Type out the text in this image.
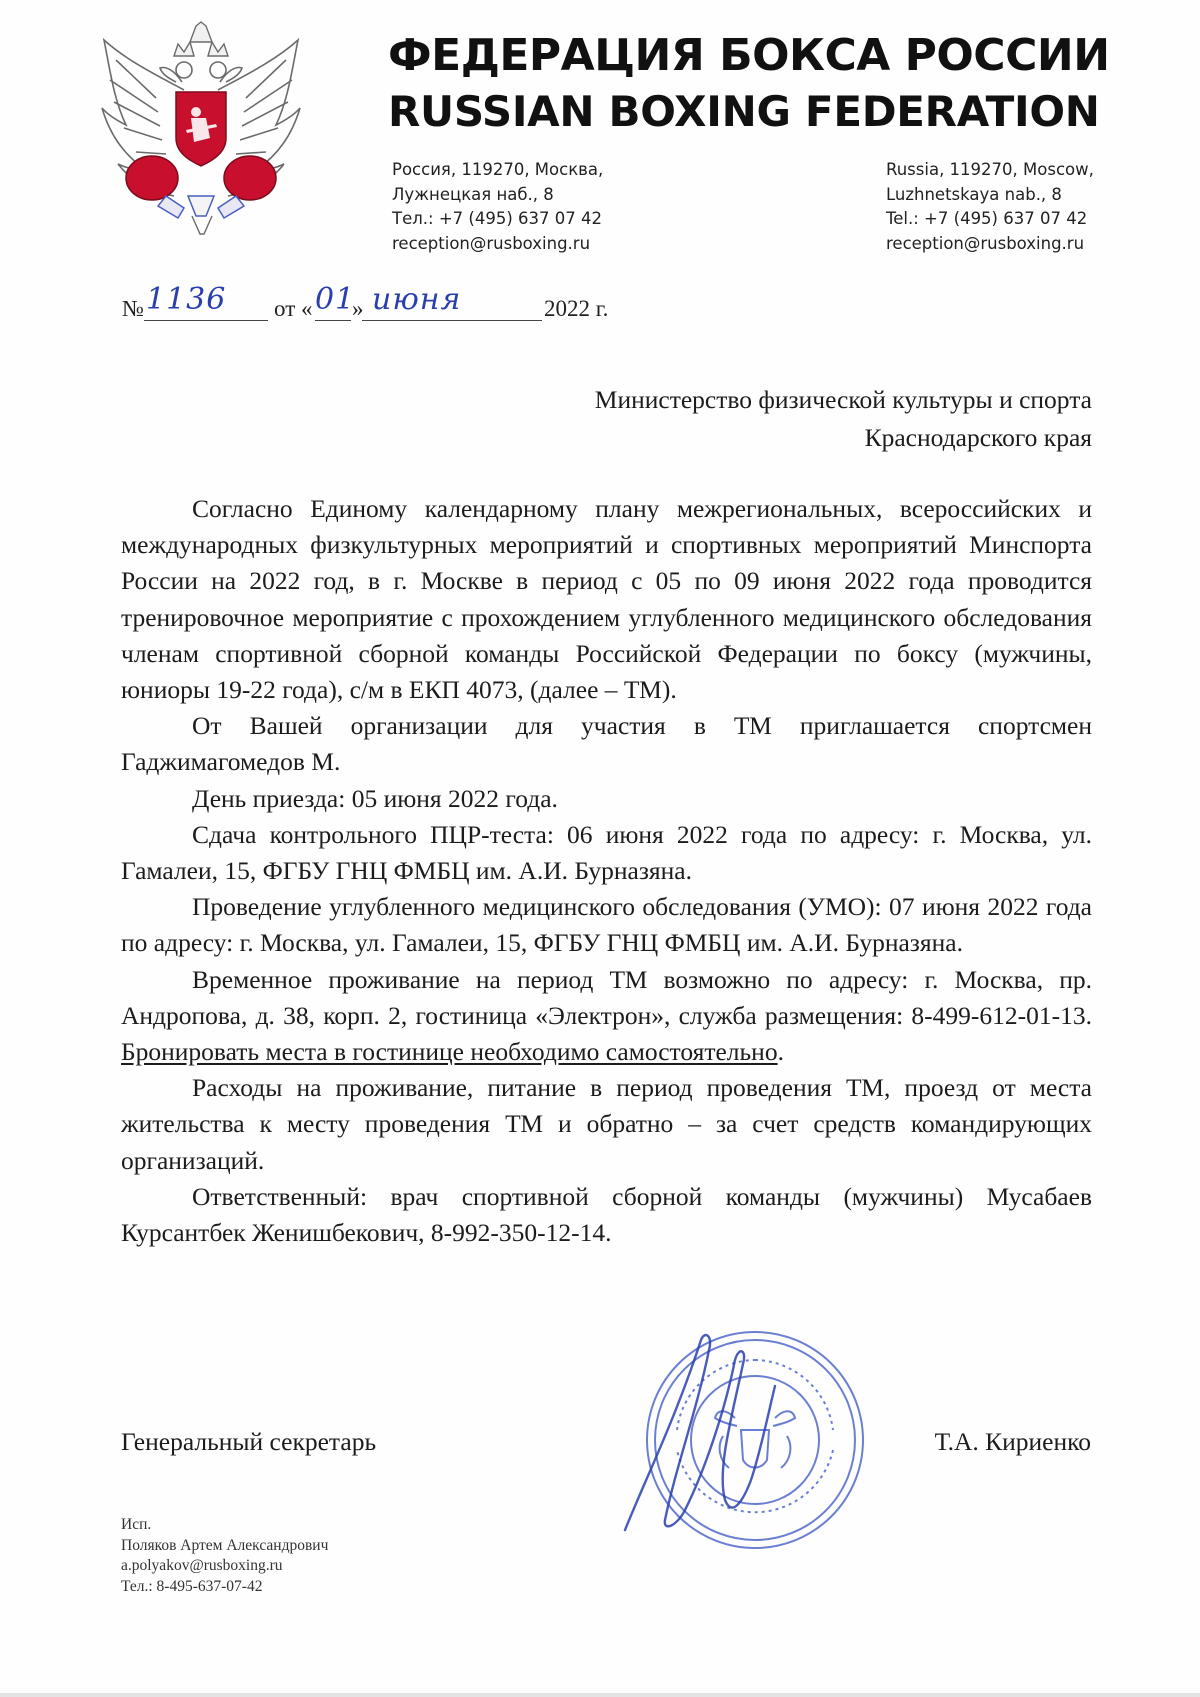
ФЕДЕРАЦИЯ БОКСА РОССИИ
RUSSIAN BOXING FEDERATION
Россия, 119270, Москва,
Лужнецкая наб., 8
Тел.: +7 (495) 637 07 42
reception@rusboxing.ru
Russia, 119270, Moscow,
Luzhnetskaya nab., 8
Tel.: +7 (495) 637 07 42
reception@rusboxing.ru
№ 1136 от « 01
» июня	2022 г.
Министерство физической культуры и спорта
Краснодарского края

Согласно Единому календарному плану межрегиональных, всероссийских и международных физкультурных мероприятий и спортивных мероприятий Минспорта России на 2022 год, в г. Москве в период с 05 по 09 июня 2022 года проводится тренировочное мероприятие с прохождением углубленного медицинского обследования членам спортивной сборной команды Российской Федерации по боксу (мужчины, юниоры 19-22 года), с/м в ЕКП 4073, (далее – ТМ).

От Вашей организации для участия в ТМ приглашается спортсмен Гаджимагомедов М.

День приезда: 05 июня 2022 года.

Сдача контрольного ПЦР-теста: 06 июня 2022 года по адресу: г. Москва, ул. Гамалеи, 15, ФГБУ ГНЦ ФМБЦ им. А.И. Бурназяна.

Проведение углубленного медицинского обследования (УМО): 07 июня 2022 года по адресу: г. Москва, ул. Гамалеи, 15, ФГБУ ГНЦ ФМБЦ им. А.И. Бурназяна.

Временное проживание на период ТМ возможно по адресу: г. Москва, пр. Андропова, д. 38, корп. 2, гостиница «Электрон», служба размещения: 8-499-612-01-13. Бронировать места в гостинице необходимо самостоятельно.

Расходы на проживание, питание в период проведения ТМ, проезд от места жительства к месту проведения ТМ и обратно – за счет средств командирующих организаций.

Ответственный: врач спортивной сборной команды (мужчины) Мусабаев Курсантбек Женишбекович, 8-992-350-12-14.

Генеральный секретарь	Т.А. Кириенко
Исп.
Поляков Артем Александрович
a.polyakov@rusboxing.ru
Тел.: 8-495-637-07-42
